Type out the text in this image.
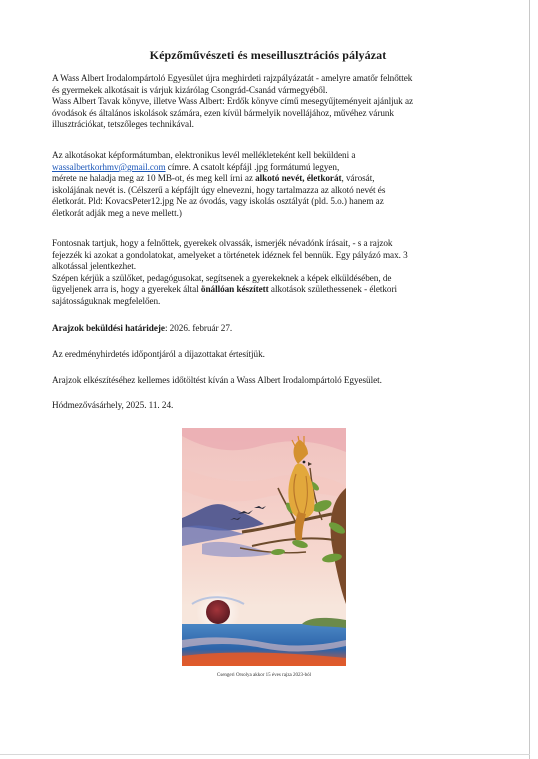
Képzőművészeti és meseillusztrációs pályázat
A Wass Albert Irodalompártoló Egyesület újra meghirdeti rajzpályázatát - amelyre amatőr felnőttek
és gyermekek alkotásait is várjuk kizárólag Csongrád-Csanád vármegyéből.
Wass Albert Tavak könyve, illetve Wass Albert: Erdők könyve című mesegyűjteményeit ajánljuk az
óvodások és általános iskolások számára, ezen kívül bármelyik novellájához, művéhez várunk
illusztrációkat, tetszőleges technikával.
Az alkotásokat képformátumban, elektronikus levél mellékleteként kell beküldeni a
wassalbertkorhmv@gmail.com címre. A csatolt képfájl .jpg formátumú legyen,
mérete ne haladja meg az 10 MB-ot, és meg kell írni az alkotó nevét, életkorát, városát,
iskolájának nevét is. (Célszerű a képfájlt úgy elnevezni, hogy tartalmazza az alkotó nevét és
életkorát. Pld: KovacsPeter12.jpg Ne az óvodás, vagy iskolás osztályát (pld. 5.o.) hanem az
életkorát adják meg a neve mellett.)
Fontosnak tartjuk, hogy a felnőttek, gyerekek olvassák, ismerjék névadónk írásait, - s a rajzok
fejezzék ki azokat a gondolatokat, amelyeket a történetek idéznek fel bennük. Egy pályázó max. 3
alkotással jelentkezhet.
Szépen kérjük a szülőket, pedagógusokat, segítsenek a gyerekeknek a képek elküldésében, de
ügyeljenek arra is, hogy a gyerekek által önállóan készített alkotások születhessenek - életkori
sajátosságuknak megfelelően.
Arajzok beküldési határideje: 2026. február 27.
Az eredményhirdetés időpontjáról a díjazottakat értesítjük.
Arajzok elkészítéséhez kellemes időtöltést kíván a Wass Albert Irodalompártoló Egyesület.
Hódmezővásárhely, 2025. 11. 24.
Csengeri Orsolya akkor 15 éves rajza 2023-ból
